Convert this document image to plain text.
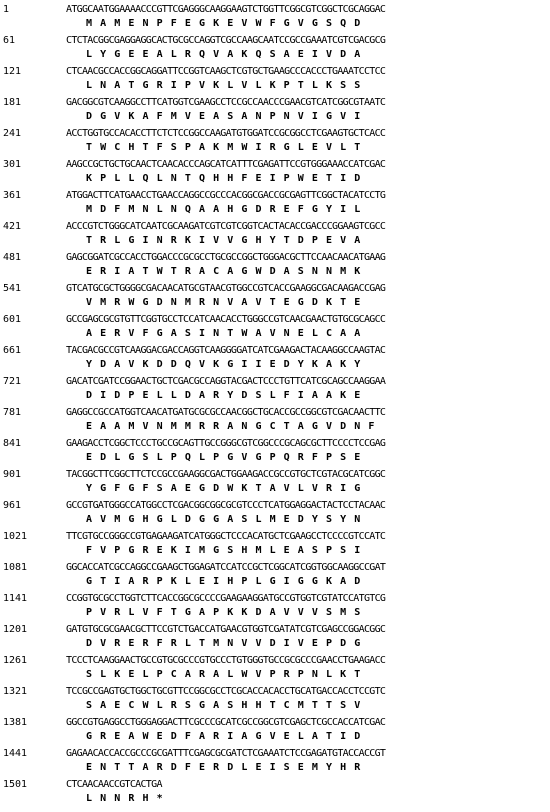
1	ATGGCAATGGAAAACCCGTTCGAGGGCAAGGAAGTCTGGTTCGGCGTCGGCTCGCAGGAC
MAMENPFEGKEVWFGVGSQD
61	CTCTACGGCGAGGAGGCACTGCGCCAGGTCGCCAAGCAATCCGCCGAAATCGTCGACGCG
LYGEEALRQVAKQSAEIVDA
121	CTCAACGCCACCGGCAGGATTCCGGTCAAGCTCGTGCTGAAGCCCACCCTGAAATCCTCC
LNATGRIPVKLVLKPTLKSS
181	GACGGCGTCAAGGCCTTCATGGTCGAAGCCTCCGCCAACCCGAACGTCATCGGCGTAATC
DGVKAFMVEASANPNVIGVI
241	ACCTGGTGCCACACCTTCTCTCCGGCCAAGATGTGGATCCGCGGCCTCGAAGTGCTCACC
TWCHTFSPAKMWIRGLEVLT
301	AAGCCGCTGCTGCAACTCAACACCCAGCATCATTTCGAGATTCCGTGGGAAACCATCGAC
KPLLQLNTQHHFEIPWETID
361	ATGGACTTCATGAACCTGAACCAGGCCGCCCACGGCGACCGCGAGTTCGGCTACATCCTG
MDFMNLNQAAHGDREFGYIL
421	ACCCGTCTGGGCATCAATCGCAAGATCGTCGTCGGTCACTACACCGACCCGGAAGTCGCC
TRLGINRKIVVGHYTDPEVA
481	GAGCGGATCGCCACCTGGACCCGCGCCTGCGCCGGCTGGGACGCTTCCAACAACATGAAG
ERIATWTRACAGWDASNNMK
541	GTCATGCGCTGGGGCGACAACATGCGTAACGTGGCCGTCACCGAAGGCGACAAGACCGAG
VMRWGDNMRNVAVTEGDKTE
601	GCCGAGCGCGTGTTCGGTGCCTCCATCAACACCTGGGCCGTCAACGAACTGTGCGCAGCC
AERVFGASINTWAVNELCAA
661	TACGACGCCGTCAAGGACGACCAGGTCAAGGGGATCATCGAAGACTACAAGGCCAAGTAC
YDAVKDDQVKGIIEDYKAKY
721	GACATCGATCCGGAACTGCTCGACGCCAGGTACGACTCCCTGTTCATCGCAGCCAAGGAA
DIDPELLDARYDSLFIAAKE
781	GAGGCCGCCATGGTCAACATGATGCGCGCCAACGGCTGCACCGCCGGCGTCGACAACTTC
EAAMVNMMRRANGCTAGVDNF
841	GAAGACCTCGGCTCCCTGCCGCAGTTGCCGGGCGTCGGCCCGCAGCGCTTCCCCTCCGAG
EDLGSLPQLPGVGPQRFPSE
901	TACGGCTTCGGCTTCTCCGCCGAAGGCGACTGGAAGACCGCCGTGCTCGTACGCATCGGC
YGFGFSAEGDWKTAVLVRIG
961	GCCGTGATGGGCCATGGCCTCGACGGCGGCGCGTCCCTCATGGAGGACTACTCCTACAAC
AVMGHGLDGGASLMEDYSYN
1021	TTCGTGCCGGGCCGTGAGAAGATCATGGGCTCCCACATGCTCGAAGCCTCCCCGTCCATC
FVPGREKIMGSHMLEASPSI
1081	GGCACCATCGCCAGGCCGAAGCTGGAGATCCATCCGCTCGGCATCGGTGGCAAGGCCGAT
GTIARPKLEIHPLGIGGKAD
1141	CCGGTGCGCCTGGTCTTCACCGGCGCCCCGAAGAAGGATGCCGTGGTCGTATCCATGTCG
PVRLVFTGAPKKDAVVVSMS
1201	GATGTGCGCGAACGCTTCCGTCTGACCATGAACGTGGTCGATATCGTCGAGCCGGACGGC
DVRERFRLTMNVVDIVEPDG
1261	TCCCTCAAGGAACTGCCGTGCGCCCGTGCCCTGTGGGTGCCGCGCCCGAACCTGAAGACC
SLKELPCARALWVPRPNLKT
1321	TCCGCCGAGTGCTGGCTGCGTTCCGGCGCCTCGCACCACACCTGCATGACCACCTCCGTC
SAECWLRSGASHHTCMTTSV
1381	GGCCGTGAGGCCTGGGAGGACTTCGCCCGCATCGCCGGCGTCGAGCTCGCCACCATCGAC
GREAWEDFARIAGVELATID
1441	GAGAACACCACCGCCCGCGATTTCGAGCGCGATCTCGAAATCTCCGAGATGTACCACCGT
ENTTARDFERDLEISEMYHR
1501	CTCAACAACCGTCACTGA
LNNRH*
